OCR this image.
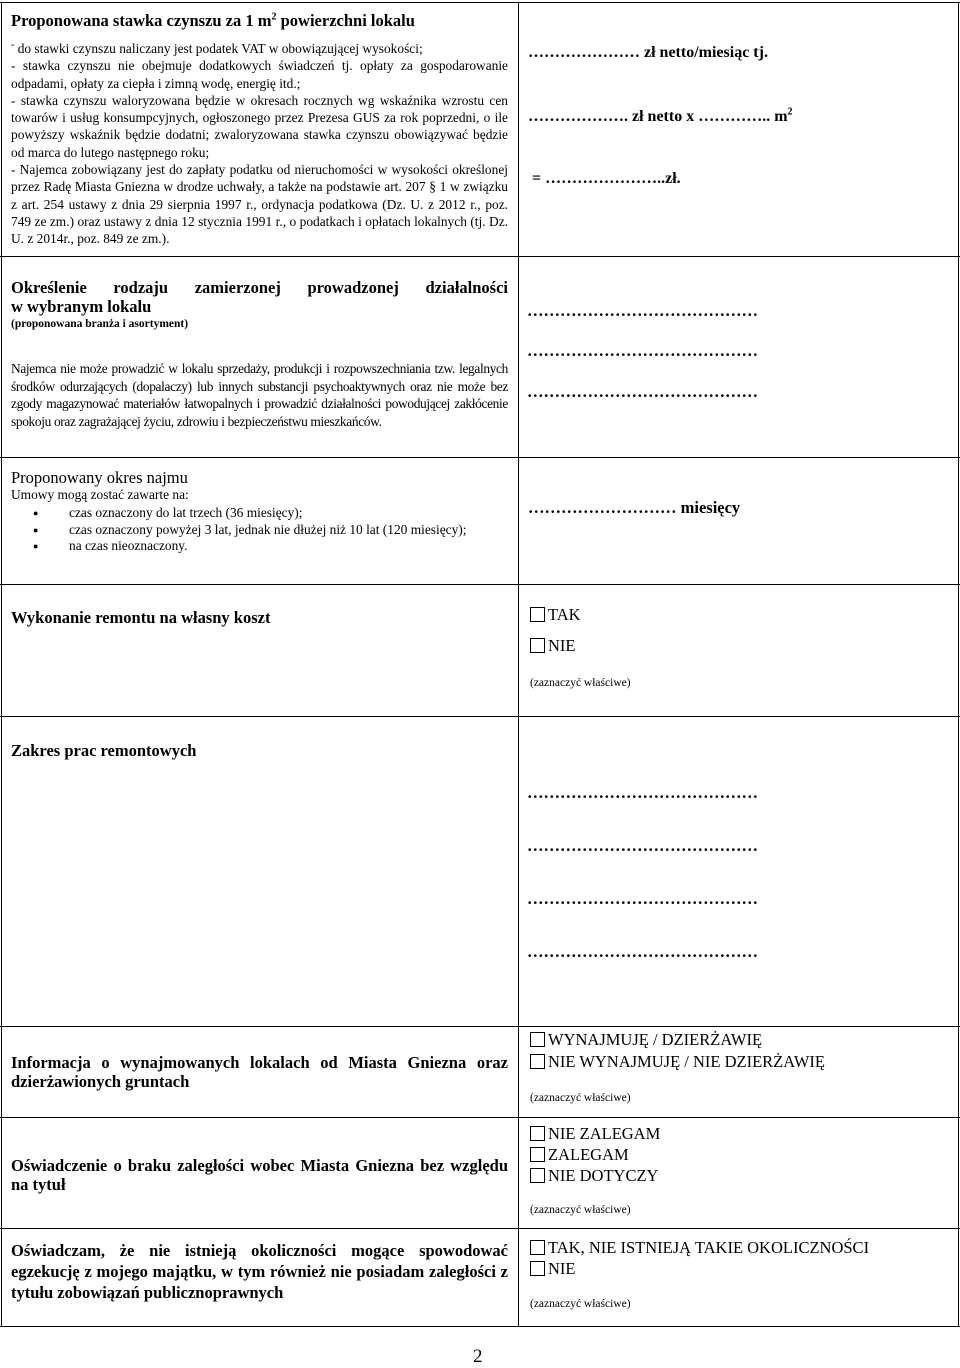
Proponowana stawka czynszu za 1 $m^2$ powierzchni lokalu
- do stawki czynszu naliczany jest podatek VAT w obowiązującej wysokości;
- stawka czynszu nie obejmuje dodatkowych świadczeń tj. opłaty za gospodarowanie odpadami, opłaty za ciepła i zimną wodę, energię itd.;
- stawka czynszu waloryzowana będzie w okresach rocznych wg wskaźnika wzrostu cen towarów i usług konsumpcyjnych, ogłoszonego przez Prezesa GUS za rok poprzedni, o ile powyższy wskaźnik będzie dodatni; zwaloryzowana stawka czynszu obowiązywać będzie od marca do lutego następnego roku;
- Najemca zobowiązany jest do zapłaty podatku od nieruchomości w wysokości określonej przez Radę Miasta Gniezna w drodze uchwały, a także na podstawie art. 207 § 1 w związku z art. 254 ustawy z dnia 29 sierpnia 1997 r., ordynacja podatkowa (Dz. U. z 2012 r., poz. 749 ze zm.) oraz ustawy z dnia 12 stycznia 1991 r., o podatkach i opłatach lokalnych (tj. Dz. U. z 2014r., poz. 849 ze zm.).
………………… zł netto/miesiąc tj.
………………. zł netto x ………….. $m^2$
= …………………..zł.
Określenie rodzaju zamierzonej prowadzonej działalności
w wybranym lokalu
(proponowana branża i asortyment)
Najemca nie może prowadzić w lokalu sprzedaży, produkcji i rozpowszechniania tzw. legalnych środków odurzających (dopalaczy) lub innych substancji psychoaktywnych oraz nie może bez zgody magazynować materiałów łatwopalnych i prowadzić działalności powodującej zakłócenie spokoju oraz zagrażającej życiu, zdrowiu i bezpieczeństwu mieszkańców.
……………………………………
……………………………………
……………………………………
Proponowany okres najmu
Umowy mogą zostać zawarte na:
● czas oznaczony do lat trzech (36 miesięcy);
● czas oznaczony powyżej 3 lat, jednak nie dłużej niż 10 lat (120 miesięcy);
● na czas nieoznaczony.
……………………… miesięcy
Wykonanie remontu na własny koszt	TAK
NIE
(zaznaczyć właściwe)
Zakres prac remontowych
……………………………………
……………………………………
……………………………………
……………………………………
Informacja o wynajmowanych lokalach od Miasta Gniezna oraz dzierżawionych gruntach
WYNAJMUJĘ / DZIERŻAWIĘ
NIE WYNAJMUJĘ / NIE DZIERŻAWIĘ
(zaznaczyć właściwe)
Oświadczenie o braku zaległości wobec Miasta Gniezna bez względu na tytuł
NIE ZALEGAM
ZALEGAM
NIE DOTYCZY
(zaznaczyć właściwe)
Oświadczam, że nie istnieją okoliczności mogące spowodować egzekucję z mojego majątku, w tym również nie posiadam zaległości z tytułu zobowiązań publicznoprawnych
TAK, NIE ISTNIEJĄ TAKIE OKOLICZNOŚCI
NIE
(zaznaczyć właściwe)
2
